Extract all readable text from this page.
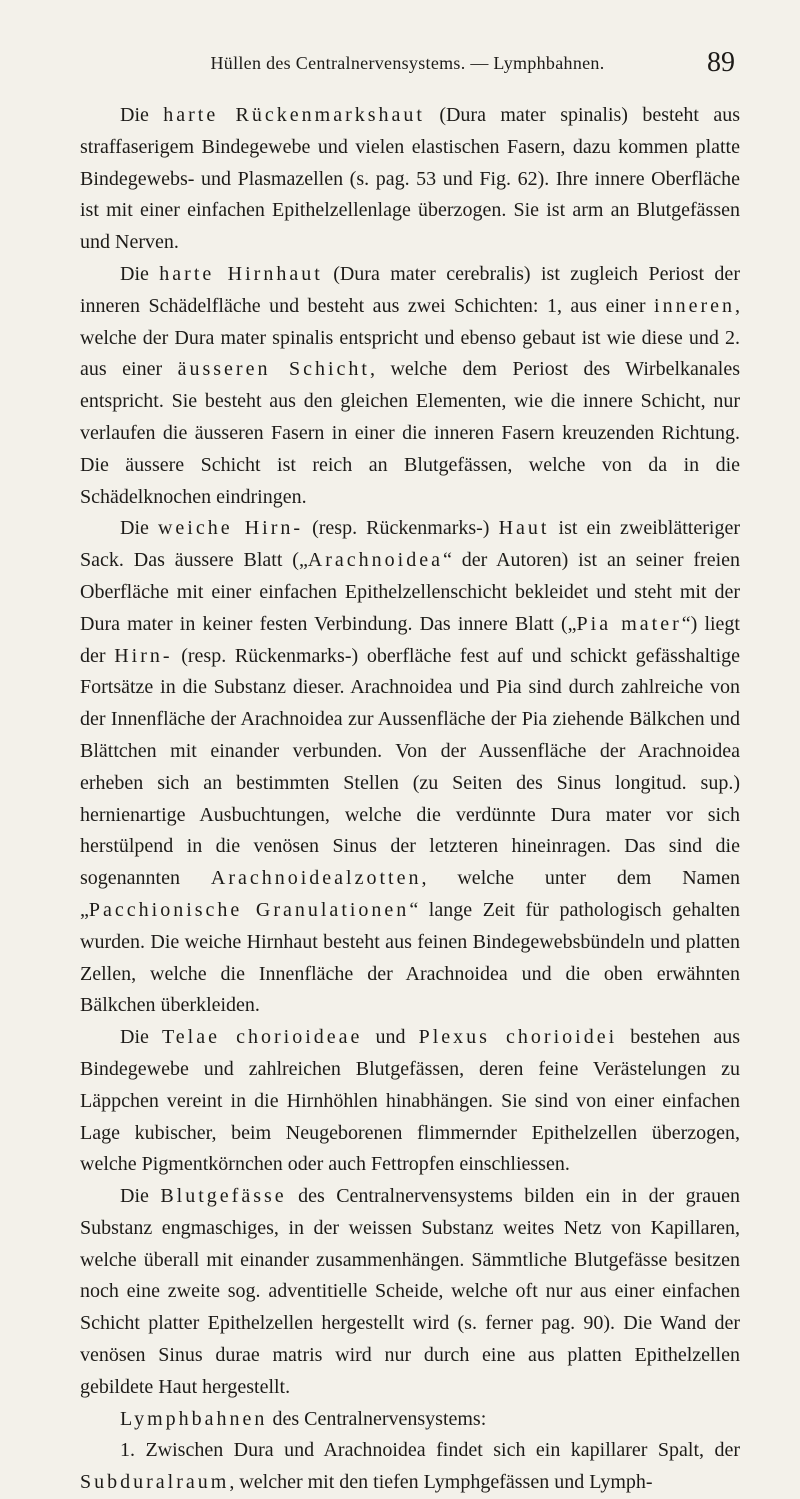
Hüllen des Centralnervensystems. — Lymphbahnen.	89

Die harte Rückenmarkshaut (Dura mater spinalis) besteht aus straffaserigem Bindegewebe und vielen elastischen Fasern, dazu kommen platte Bindegewebs- und Plasmazellen (s. pag. 53 und Fig. 62). Ihre innere Oberfläche ist mit einer einfachen Epithelzellenlage überzogen. Sie ist arm an Blutgefässen und Nerven.

Die harte Hirnhaut (Dura mater cerebralis) ist zugleich Periost der inneren Schädelfläche und besteht aus zwei Schichten: 1, aus einer inneren, welche der Dura mater spinalis entspricht und ebenso gebaut ist wie diese und 2. aus einer äusseren Schicht, welche dem Periost des Wirbelkanales entspricht. Sie besteht aus den gleichen Elementen, wie die innere Schicht, nur verlaufen die äusseren Fasern in einer die inneren Fasern kreuzenden Richtung. Die äussere Schicht ist reich an Blutgefässen, welche von da in die Schädelknochen eindringen.

Die weiche Hirn- (resp. Rückenmarks-) Haut ist ein zweiblätteriger Sack. Das äussere Blatt („Arachnoidea“ der Autoren) ist an seiner freien Oberfläche mit einer einfachen Epithelzellenschicht bekleidet und steht mit der Dura mater in keiner festen Verbindung. Das innere Blatt („Pia mater“) liegt der Hirn- (resp. Rückenmarks-) oberfläche fest auf und schickt gefässhaltige Fortsätze in die Substanz dieser. Arachnoidea und Pia sind durch zahlreiche von der Innenfläche der Arachnoidea zur Aussenfläche der Pia ziehende Bälkchen und Blättchen mit einander verbunden. Von der Aussenfläche der Arachnoidea erheben sich an bestimmten Stellen (zu Seiten des Sinus longitud. sup.) hernienartige Ausbuchtungen, welche die verdünnte Dura mater vor sich herstülpend in die venösen Sinus der letzteren hineinragen. Das sind die sogenannten Arachnoidealzotten, welche unter dem Namen „Pacchionische Granulationen“ lange Zeit für pathologisch gehalten wurden. Die weiche Hirnhaut besteht aus feinen Bindegewebsbündeln und platten Zellen, welche die Innenfläche der Arachnoidea und die oben erwähnten Bälkchen überkleiden.

Die Telae chorioideae und Plexus chorioidei bestehen aus Bindegewebe und zahlreichen Blutgefässen, deren feine Verästelungen zu Läppchen vereint in die Hirnhöhlen hinabhängen. Sie sind von einer einfachen Lage kubischer, beim Neugeborenen flimmernder Epithelzellen überzogen, welche Pigmentkörnchen oder auch Fettropfen einschliessen.

Die Blutgefässe des Centralnervensystems bilden ein in der grauen Substanz engmaschiges, in der weissen Substanz weites Netz von Kapillaren, welche überall mit einander zusammenhängen. Sämmtliche Blutgefässe besitzen noch eine zweite sog. adventitielle Scheide, welche oft nur aus einer einfachen Schicht platter Epithelzellen hergestellt wird (s. ferner pag. 90). Die Wand der venösen Sinus durae matris wird nur durch eine aus platten Epithelzellen gebildete Haut hergestellt.

Lymphbahnen des Centralnervensystems:

1. Zwischen Dura und Arachnoidea findet sich ein kapillarer Spalt, der Subduralraum, welcher mit den tiefen Lymphgefässen und Lymph-
